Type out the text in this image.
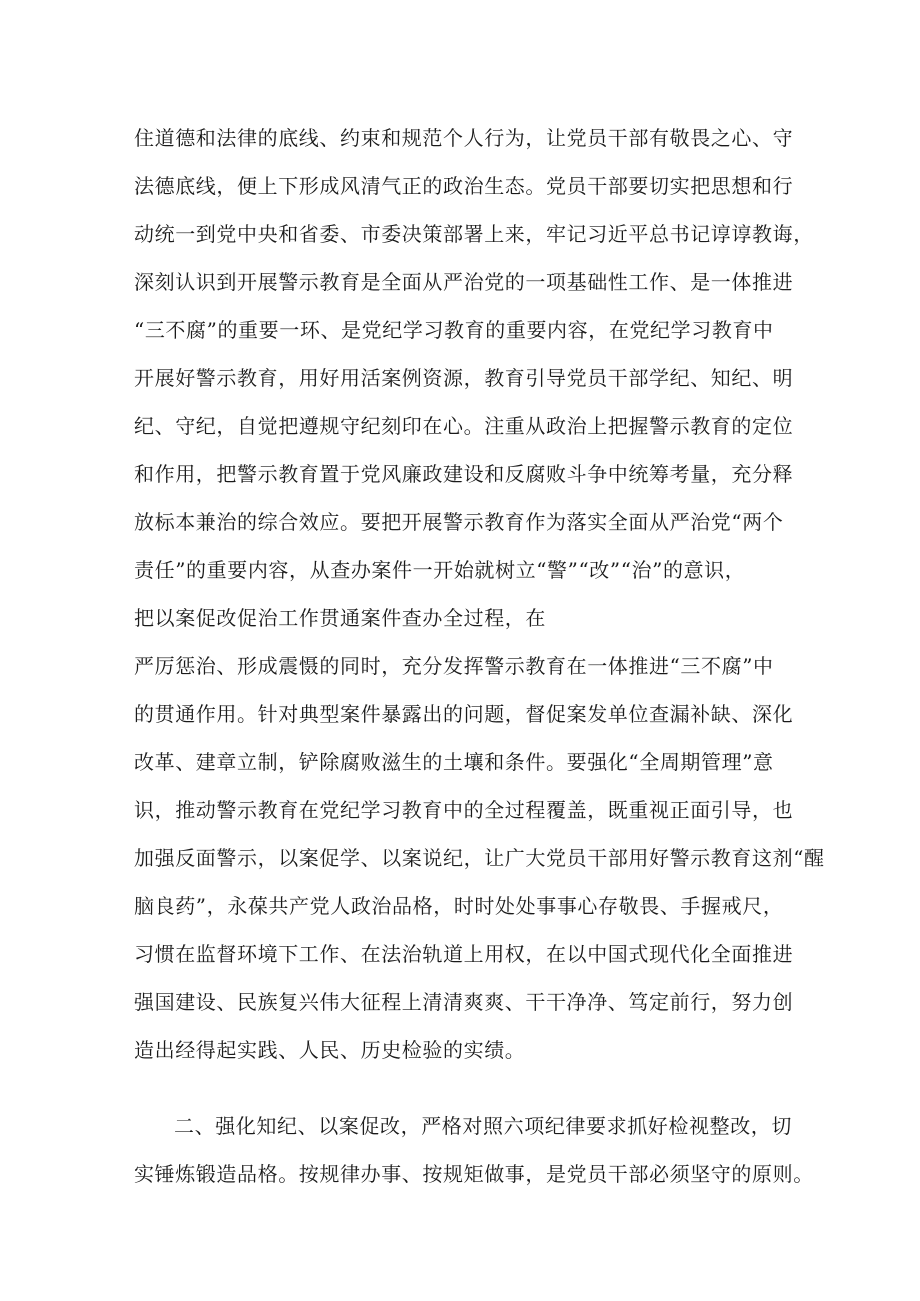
住道德和法律的底线、约束和规范个人行为，让党员干部有敬畏之心、守
法德底线，便上下形成风清气正的政治生态。党员干部要切实把思想和行
动统一到党中央和省委、市委决策部署上来，牢记习近平总书记谆谆教诲，
深刻认识到开展警示教育是全面从严治党的一项基础性工作、是一体推进
“三不腐”的重要一环、是党纪学习教育的重要内容，在党纪学习教育中
开展好警示教育，用好用活案例资源，教育引导党员干部学纪、知纪、明
纪、守纪，自觉把遵规守纪刻印在心。注重从政治上把握警示教育的定位
和作用，把警示教育置于党风廉政建设和反腐败斗争中统筹考量，充分释
放标本兼治的综合效应。要把开展警示教育作为落实全面从严治党“两个
责任”的重要内容，从查办案件一开始就树立“警”“改”“治”的意识，
把以案促改促治工作贯通案件查办全过程，在
严厉惩治、形成震慑的同时，充分发挥警示教育在一体推进“三不腐”中
的贯通作用。针对典型案件暴露出的问题，督促案发单位查漏补缺、深化
改革、建章立制，铲除腐败滋生的土壤和条件。要强化“全周期管理”意
识，推动警示教育在党纪学习教育中的全过程覆盖，既重视正面引导，也
加强反面警示，以案促学、以案说纪，让广大党员干部用好警示教育这剂“醒
脑良药”，永葆共产党人政治品格，时时处处事事心存敬畏、手握戒尺，
习惯在监督环境下工作、在法治轨道上用权，在以中国式现代化全面推进
强国建设、民族复兴伟大征程上清清爽爽、干干净净、笃定前行，努力创
造出经得起实践、人民、历史检验的实绩。
二、强化知纪、以案促改，严格对照六项纪律要求抓好检视整改，切
实锤炼锻造品格。按规律办事、按规矩做事，是党员干部必须坚守的原则。
